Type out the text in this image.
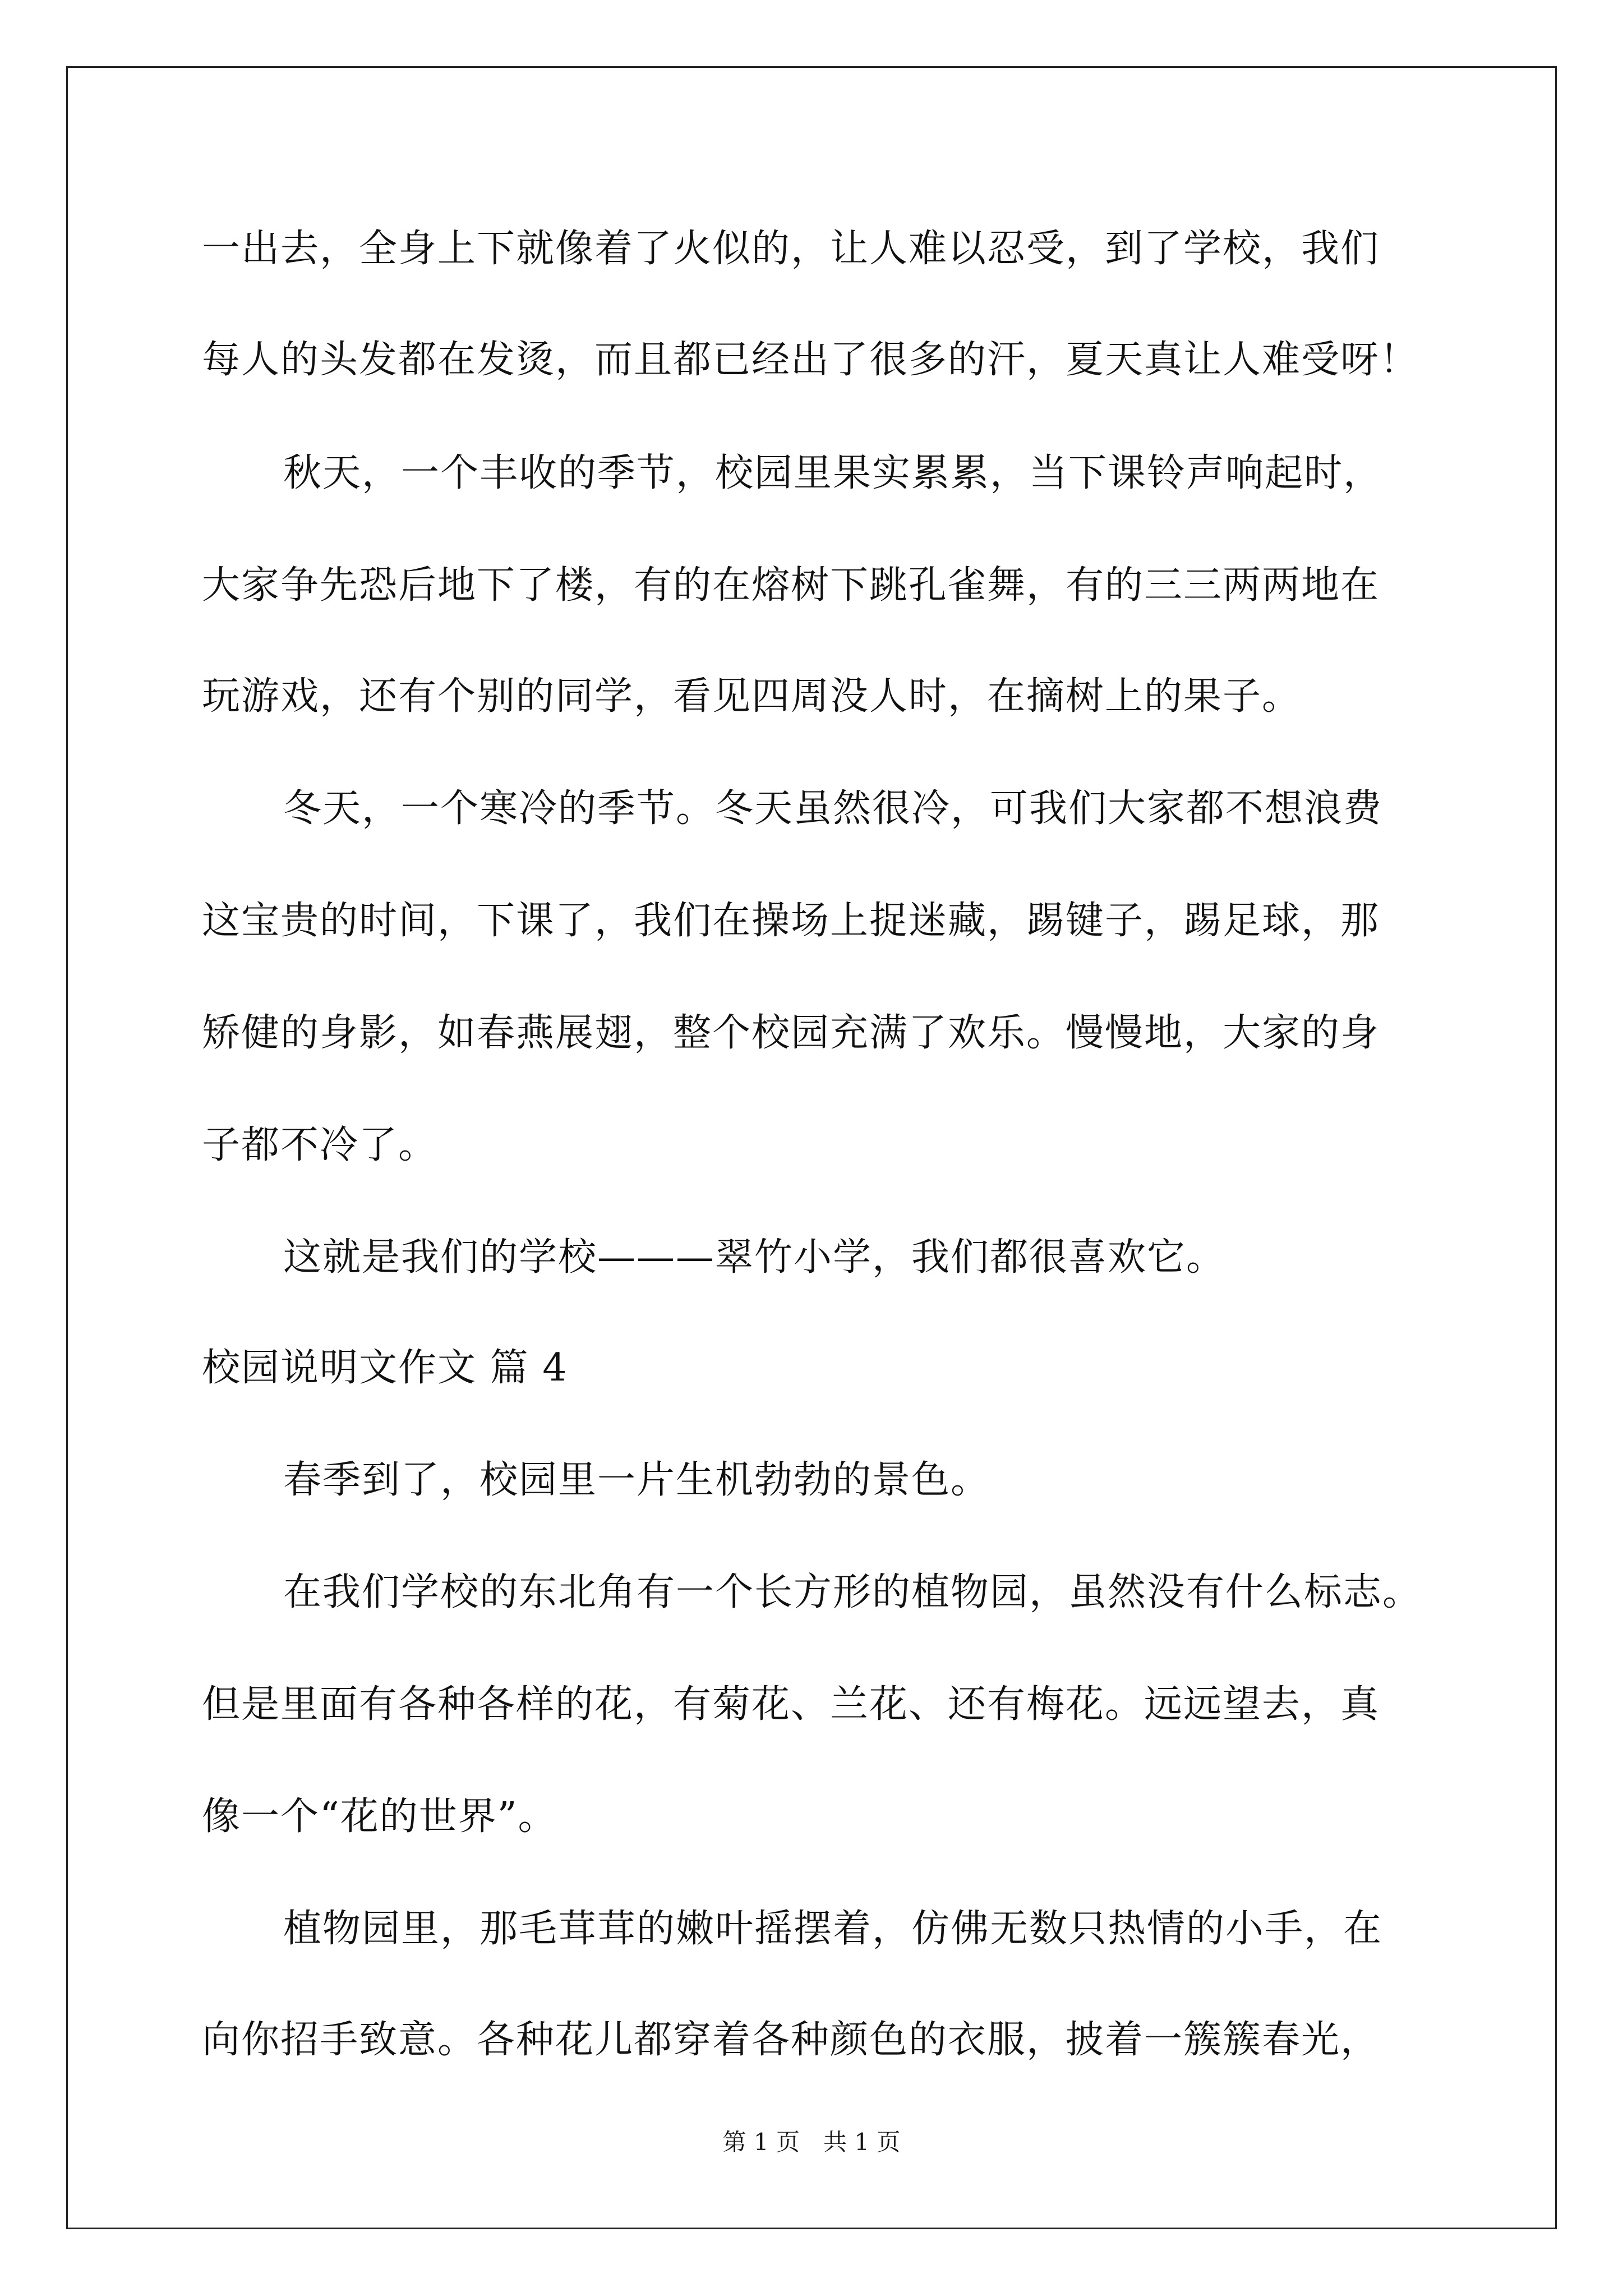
一出去，全身上下就像着了火似的，让人难以忍受，到了学校，我们

每人的头发都在发烫，而且都已经出了很多的汗，夏天真让人难受呀！

秋天，一个丰收的季节，校园里果实累累，当下课铃声响起时，

大家争先恐后地下了楼，有的在熔树下跳孔雀舞，有的三三两两地在

玩游戏，还有个别的同学，看见四周没人时，在摘树上的果子。

冬天，一个寒冷的季节。冬天虽然很冷，可我们大家都不想浪费

这宝贵的时间，下课了，我们在操场上捉迷藏，踢键子，踢足球，那

矫健的身影，如春燕展翅，整个校园充满了欢乐。慢慢地，大家的身

子都不冷了。

这就是我们的学校———翠竹小学，我们都很喜欢它。

校园说明文作文 篇 4

春季到了，校园里一片生机勃勃的景色。

在我们学校的东北角有一个长方形的植物园，虽然没有什么标志。

但是里面有各种各样的花，有菊花、兰花、还有梅花。远远望去，真

像一个“花的世界”。

植物园里，那毛茸茸的嫩叶摇摆着，仿佛无数只热情的小手，在

向你招手致意。各种花儿都穿着各种颜色的衣服，披着一簇簇春光，

第 1 页　共 1 页
